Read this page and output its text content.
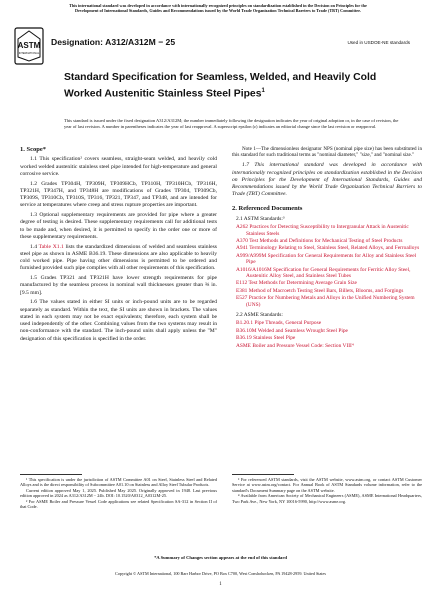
This international standard was developed in accordance with internationally recognized principles on standardization established in the Decision on Principles for the Development of International Standards, Guides and Recommendations issued by the World Trade Organization Technical Barriers to Trade (TBT) Committee.
ASTM
INTERNATIONAL
Designation: A312/A312M − 25	Used in USDOE-NE standards
Standard Specification for Seamless, Welded, and Heavily Cold Worked Austenitic Stainless Steel Pipes$^1$
This standard is issued under the fixed designation A312/A312M; the number immediately following the designation indicates the year of original adoption or, in the case of revision, the year of last revision. A number in parentheses indicates the year of last reapproval. A superscript epsilon (ε) indicates an editorial change since the last revision or reapproval.

1. Scope*

1.1 This specification² covers seamless, straight-seam welded, and heavily cold worked welded austenitic stainless steel pipe intended for high-temperature and general corrosive service.

1.2 Grades TP304H, TP309H, TP309HCb, TP310H, TP310HCb, TP316H, TP321H, TP347H, and TP348H are modifications of Grades TP304, TP309Cb, TP309S, TP310Cb, TP310S, TP316, TP321, TP347, and TP348, and are intended for service at temperatures where creep and stress rupture properties are important.

1.3 Optional supplementary requirements are provided for pipe where a greater degree of testing is desired. These supplementary requirements call for additional tests to be made and, when desired, it is permitted to specify in the order one or more of these supplementary requirements.

1.4 Table X1.1 lists the standardized dimensions of welded and seamless stainless steel pipe as shown in ASME B36.19. These dimensions are also applicable to heavily cold worked pipe. Pipe having other dimensions is permitted to be ordered and furnished provided such pipe complies with all other requirements of this specification.

1.5 Grades TP321 and TP321H have lower strength requirements for pipe manufactured by the seamless process in nominal wall thicknesses greater than ⅜ in. [9.5 mm].

1.6 The values stated in either SI units or inch-pound units are to be regarded separately as standard. Within the text, the SI units are shown in brackets. The values stated in each system may not be exact equivalents; therefore, each system shall be used independently of the other. Combining values from the two systems may result in non-conformance with the standard. The inch-pound units shall apply unless the "M" designation of this specification is specified in the order.

Note 1—The dimensionless designator NPS (nominal pipe size) has been substituted in this standard for such traditional terms as "nominal diameter," "size," and "nominal size."

1.7 This international standard was developed in accordance with internationally recognized principles on standardization established in the Decision on Principles for the Development of International Standards, Guides and Recommendations issued by the World Trade Organization Technical Barriers to Trade (TBT) Committee.

2. Referenced Documents

2.1 ASTM Standards:³

A262 Practices for Detecting Susceptibility to Intergranular Attack in Austenitic Stainless Steels

A370 Test Methods and Definitions for Mechanical Testing of Steel Products

A941 Terminology Relating to Steel, Stainless Steel, Related Alloys, and Ferroalloys

A999/A999M Specification for General Requirements for Alloy and Stainless Steel Pipe

A1016/A1016M Specification for General Requirements for Ferritic Alloy Steel, Austenitic Alloy Steel, and Stainless Steel Tubes

E112 Test Methods for Determining Average Grain Size

E381 Method of Macroetch Testing Steel Bars, Billets, Blooms, and Forgings

E527 Practice for Numbering Metals and Alloys in the Unified Numbering System (UNS)

2.2 ASME Standards:

B1.20.1 Pipe Threads, General Purpose

B36.10M Welded and Seamless Wrought Steel Pipe

B36.19 Stainless Steel Pipe

ASME Boiler and Pressure Vessel Code: Section VIII⁴

¹ This specification is under the jurisdiction of ASTM Committee A01 on Steel, Stainless Steel and Related Alloys and is the direct responsibility of Subcommittee A01.10 on Stainless and Alloy Steel Tubular Products.

Current edition approved May 1, 2025. Published May 2025. Originally approved in 1948. Last previous edition approved in 2024 as A312/A312M − 24b. DOI: 10.1520/A0312_A0312M-25.

² For ASME Boiler and Pressure Vessel Code applications see related Specification SA-312 in Section II of that Code.

³ For referenced ASTM standards, visit the ASTM website, www.astm.org, or contact ASTM Customer Service at www.astm.org/contact. For Annual Book of ASTM Standards volume information, refer to the standard's Document Summary page on the ASTM website.

⁴ Available from American Society of Mechanical Engineers (ASME), ASME International Headquarters, Two Park Ave., New York, NY 10016-5990, http://www.asme.org.

*A Summary of Changes section appears at the end of this standard
Copyright © ASTM International, 100 Barr Harbor Drive, PO Box C700, West Conshohocken, PA 19428-2959. United States
1
